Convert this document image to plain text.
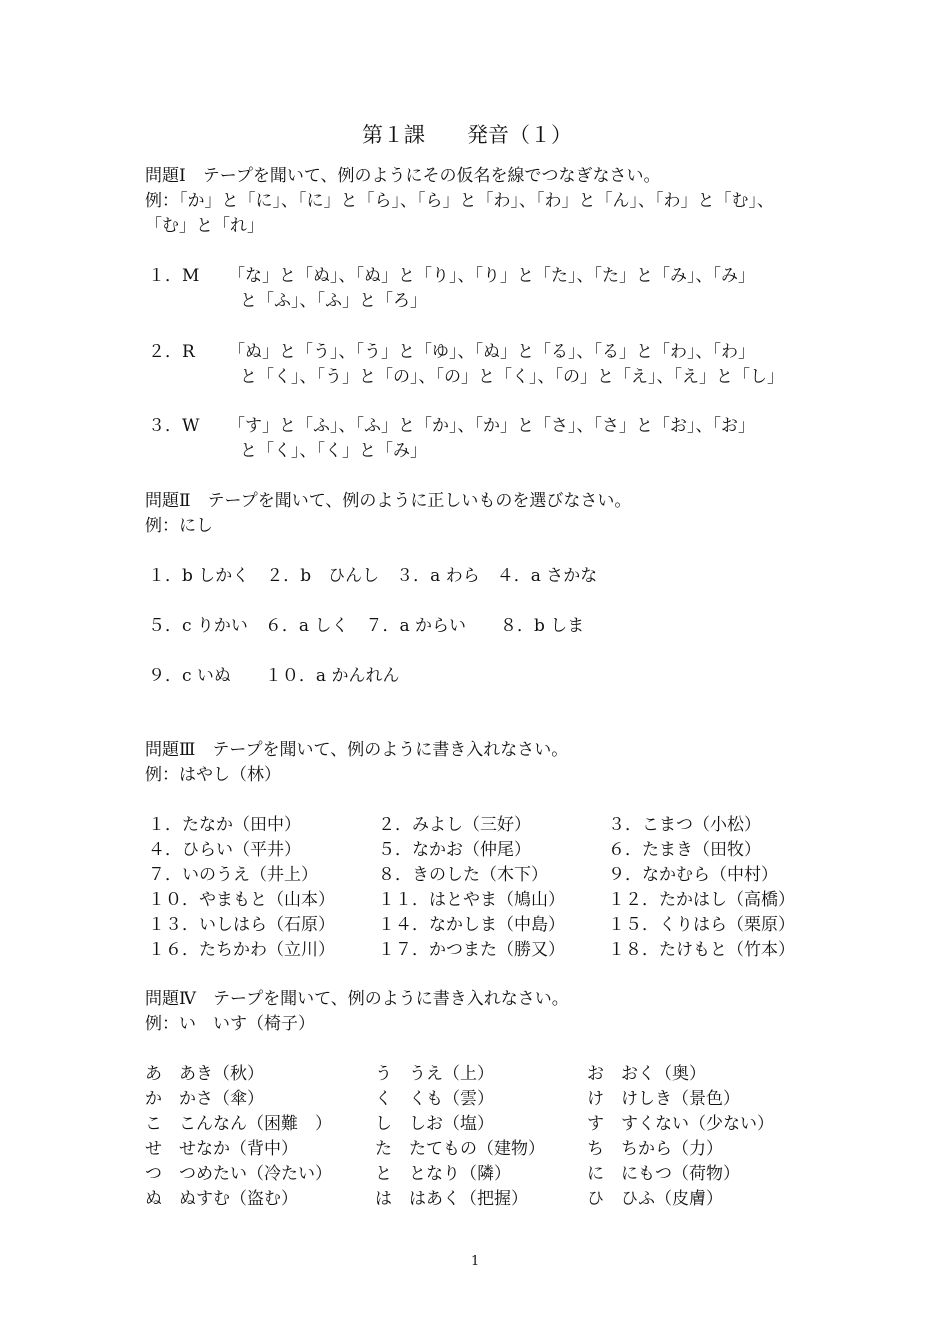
第１課　　発音（１）
問題Ⅰ　テープを聞いて、例のようにその仮名を線でつなぎなさい。
例：「か」と「に」、「に」と「ら」、「ら」と「わ」、「わ」と「ん」、「わ」と「む」、
「む」と「れ」
１．M 「な」と「ぬ」、「ぬ」と「り」、「り」と「た」、「た」と「み」、「み」
と「ふ」、「ふ」と「ろ」
２．R 「ぬ」と「う」、「う」と「ゆ」、「ぬ」と「る」、「る」と「わ」、「わ」
と「く」、「う」と「の」、「の」と「く」、「の」と「え」、「え」と「し」
３．W 「す」と「ふ」、「ふ」と「か」、「か」と「さ」、「さ」と「お」、「お」
と「く」、「く」と「み」
問題Ⅱ　テープを聞いて、例のように正しいものを選びなさい。
例：にし
１．b しかく　２．b　ひんし　３．a わら　４．a さかな
５．c りかい　６．a しく　７．a からい　　８．b しま
９．c いぬ　　１０．a かんれん
問題Ⅲ　テープを聞いて、例のように書き入れなさい。
例：はやし（林）
１．たなか（田中）	２．みよし（三好）	３．こまつ（小松）
４．ひらい（平井）	５．なかお（仲尾）	６．たまき（田牧）
７．いのうえ（井上）	８．きのした（木下）	９．なかむら（中村）
１０．やまもと（山本）	１１．はとやま（鳩山）	１２．たかはし（高橋）
１３．いしはら（石原）	１４．なかしま（中島）	１５．くりはら（栗原）
１６．たちかわ（立川）	１７．かつまた（勝又）	１８．たけもと（竹本）
問題Ⅳ　テープを聞いて、例のように書き入れなさい。
例：い　いす（椅子）
あ　あき（秋）	う　うえ（上）	お　おく（奥）
か　かさ（傘）	く　くも（雲）	け　けしき（景色）
こ　こんなん（困難　）	し　しお（塩）	す　すくない（少ない）
せ　せなか（背中）	た　たてもの（建物） ち　ちから（力）
つ　つめたい（冷たい）	と　となり（隣）	に　にもつ（荷物）
ぬ　ぬすむ（盗む）	は　はあく（把握）	ひ　ひふ（皮膚）
1
